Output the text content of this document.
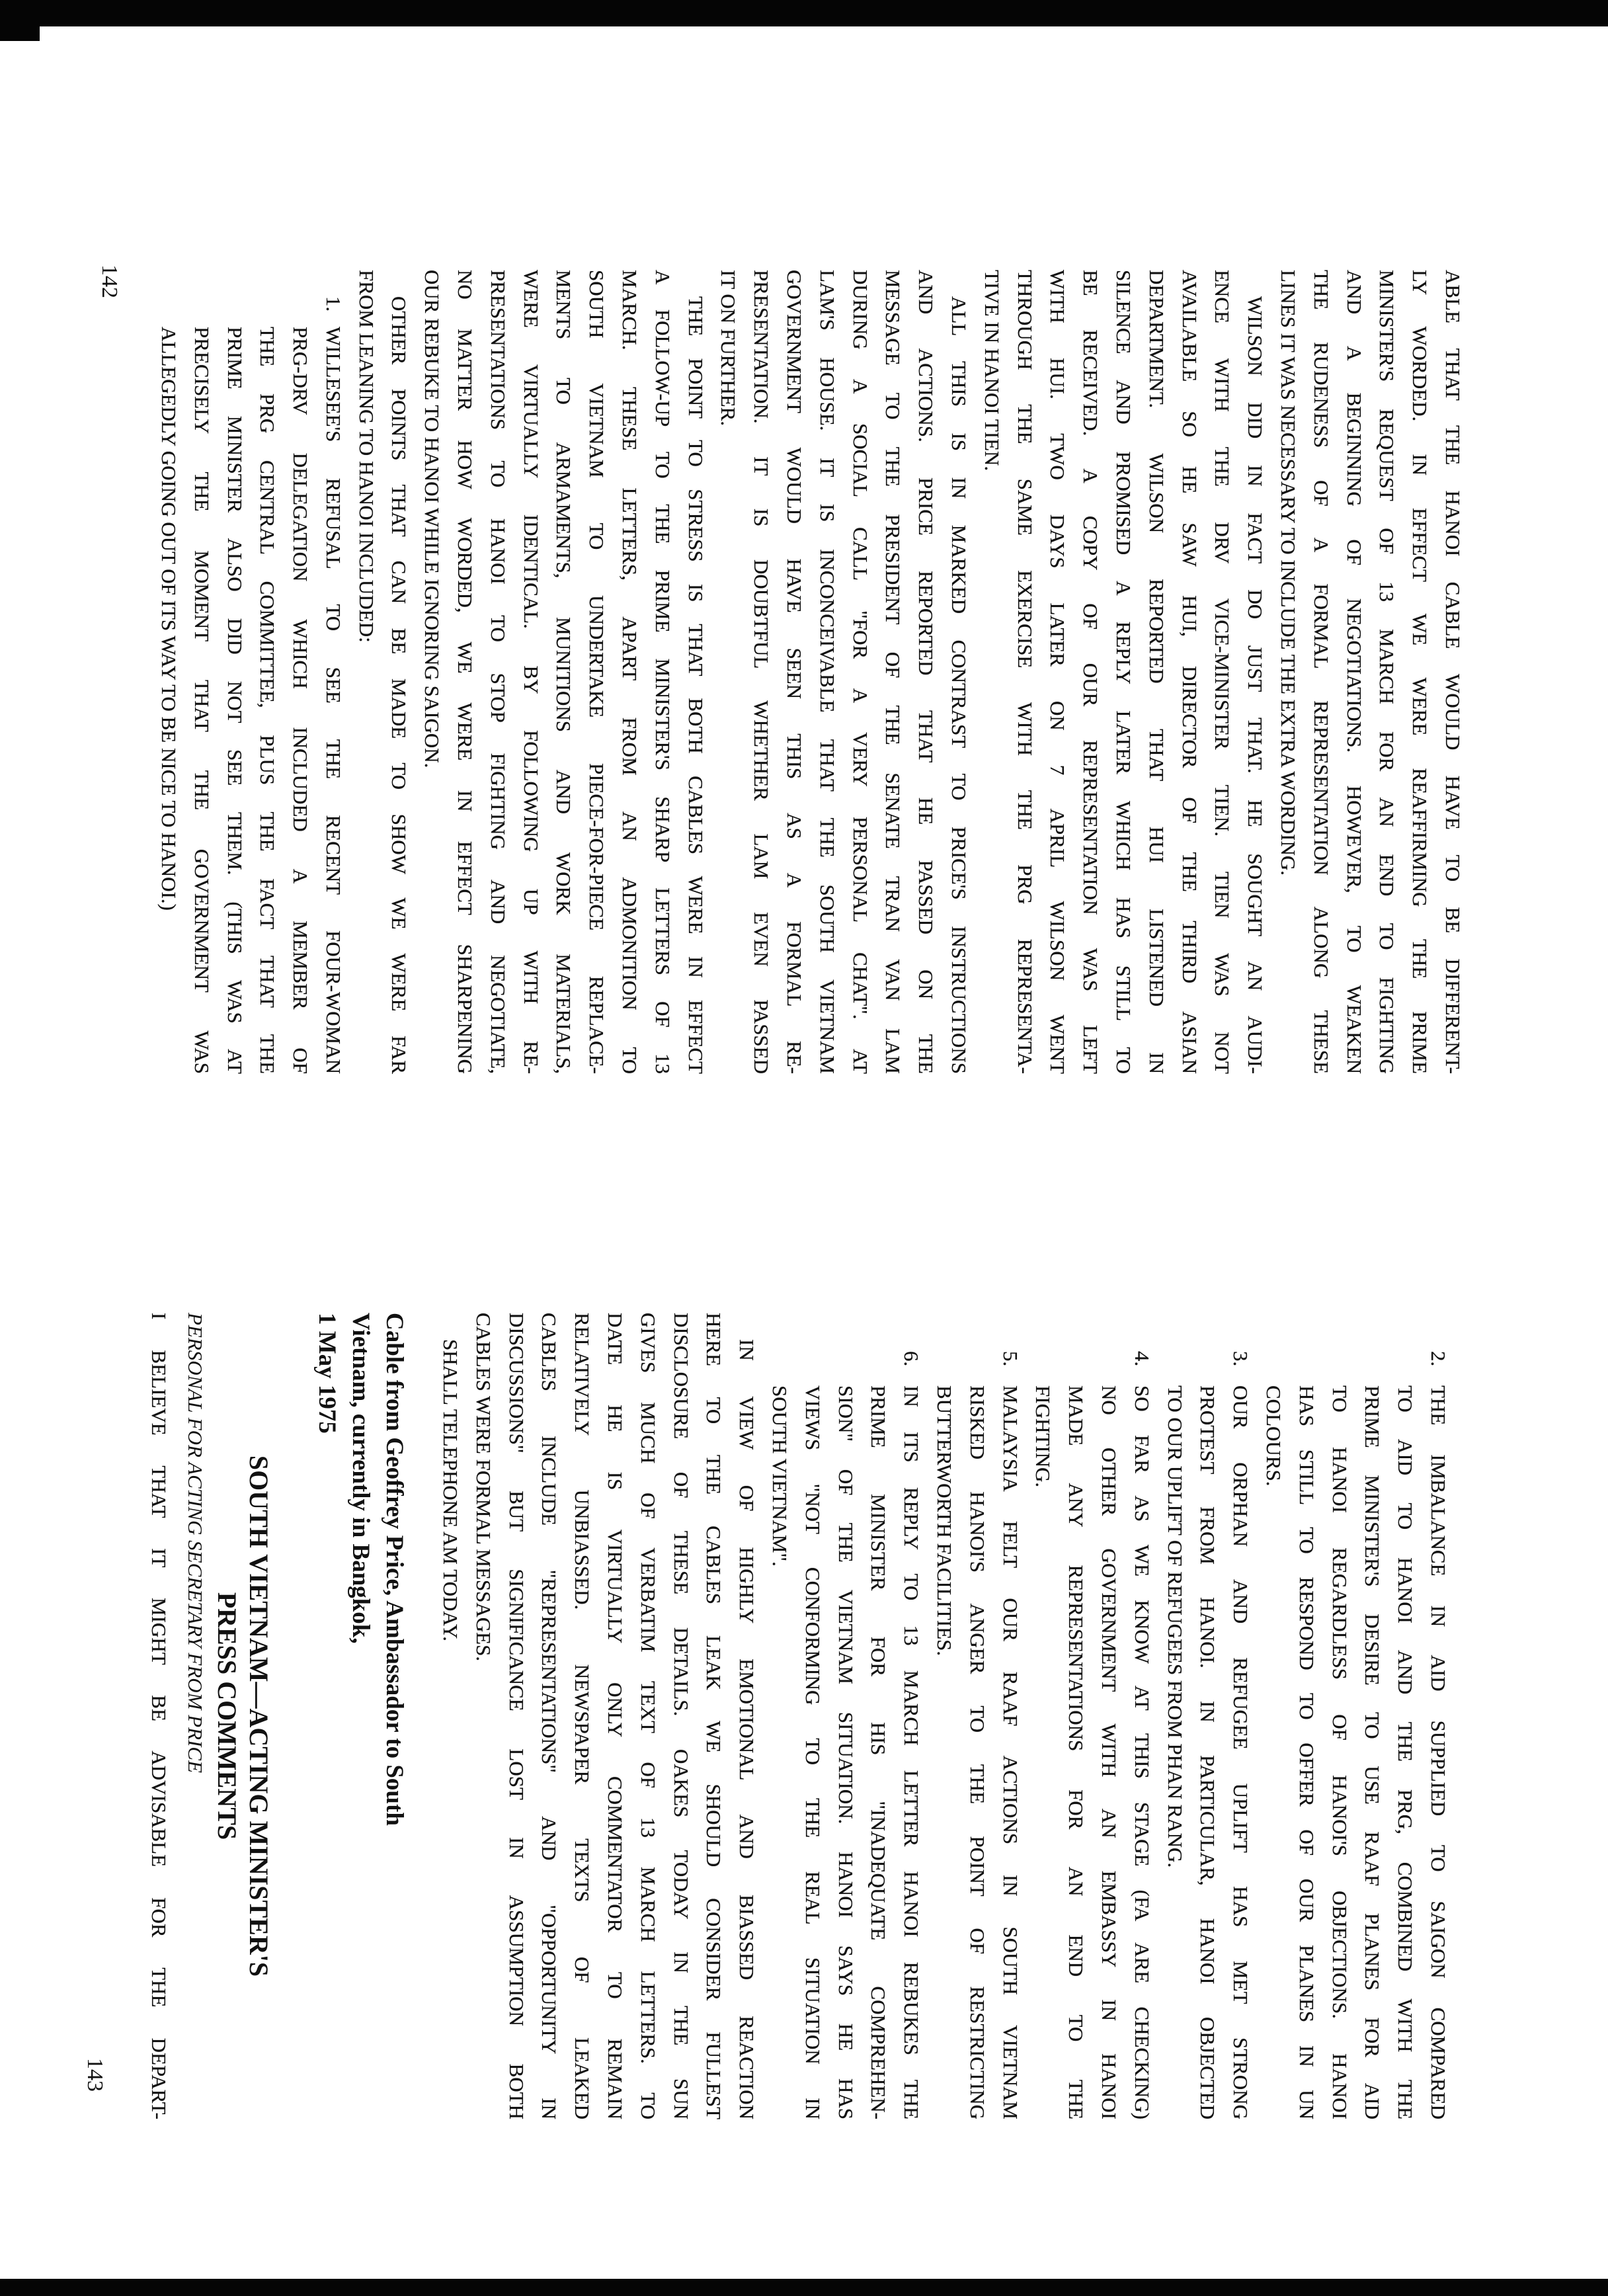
ABLE THAT THE HANOI CABLE WOULD HAVE TO BE DIFFERENT-
LY WORDED. IN EFFECT WE WERE REAFFIRMING THE PRIME
MINISTER'S REQUEST OF 13 MARCH FOR AN END TO FIGHTING
AND A BEGINNING OF NEGOTIATIONS. HOWEVER, TO WEAKEN
THE RUDENESS OF A FORMAL REPRESENTATION ALONG THESE
LINES IT WAS NECESSARY TO INCLUDE THE EXTRA WORDING.
WILSON DID IN FACT DO JUST THAT. HE SOUGHT AN AUDI-
ENCE WITH THE DRV VICE-MINISTER TIEN. TIEN WAS NOT
AVAILABLE SO HE SAW HUI, DIRECTOR OF THE THIRD ASIAN
DEPARTMENT. WILSON REPORTED THAT HUI LISTENED IN
SILENCE AND PROMISED A REPLY LATER WHICH HAS STILL TO
BE RECEIVED. A COPY OF OUR REPRESENTATION WAS LEFT
WITH HUI. TWO DAYS LATER ON 7 APRIL WILSON WENT
THROUGH THE SAME EXERCISE WITH THE PRG REPRESENTA-
TIVE IN HANOI TIEN.
ALL THIS IS IN MARKED CONTRAST TO PRICE'S INSTRUCTIONS
AND ACTIONS. PRICE REPORTED THAT HE PASSED ON THE
MESSAGE TO THE PRESIDENT OF THE SENATE TRAN VAN LAM
DURING A SOCIAL CALL "FOR A VERY PERSONAL CHAT". AT
LAM'S HOUSE. IT IS INCONCEIVABLE THAT THE SOUTH VIETNAM
GOVERNMENT WOULD HAVE SEEN THIS AS A FORMAL RE-
PRESENTATION. IT IS DOUBTFUL WHETHER LAM EVEN PASSED
IT ON FURTHER.
THE POINT TO STRESS IS THAT BOTH CABLES WERE IN EFFECT
A FOLLOW-UP TO THE PRIME MINISTER'S SHARP LETTERS OF 13
MARCH. THESE LETTERS, APART FROM AN ADMONITION TO
SOUTH VIETNAM TO UNDERTAKE PIECE-FOR-PIECE REPLACE-
MENTS TO ARMAMENTS, MUNITIONS AND WORK MATERIALS,
WERE VIRTUALLY IDENTICAL. BY FOLLOWING UP WITH RE-
PRESENTATIONS TO HANOI TO STOP FIGHTING AND NEGOTIATE,
NO MATTER HOW WORDED, WE WERE IN EFFECT SHARPENING
OUR REBUKE TO HANOI WHILE IGNORING SAIGON.
OTHER POINTS THAT CAN BE MADE TO SHOW WE WERE FAR
FROM LEANING TO HANOI INCLUDED:
1.
WILLESEE'S REFUSAL TO SEE THE RECENT FOUR-WOMAN
PRG-DRV DELEGATION WHICH INCLUDED A MEMBER OF
THE PRG CENTRAL COMMITTEE, PLUS THE FACT THAT THE
PRIME MINISTER ALSO DID NOT SEE THEM. (THIS WAS AT
PRECISELY THE MOMENT THAT THE GOVERNMENT WAS
ALLEGEDLY GOING OUT OF ITS WAY TO BE NICE TO HANOI.)
142
2.
THE IMBALANCE IN AID SUPPLIED TO SAIGON COMPARED
TO AID TO HANOI AND THE PRG, COMBINED WITH THE
PRIME MINISTER'S DESIRE TO USE RAAF PLANES FOR AID
TO HANOI REGARDLESS OF HANOI'S OBJECTIONS. HANOI
HAS STILL TO RESPOND TO OFFER OF OUR PLANES IN UN
COLOURS.
3.
OUR ORPHAN AND REFUGEE UPLIFT HAS MET STRONG
PROTEST FROM HANOI. IN PARTICULAR, HANOI OBJECTED
TO OUR UPLIFT OF REFUGEES FROM PHAN RANG.
4.
SO FAR AS WE KNOW AT THIS STAGE (FA ARE CHECKING)
NO OTHER GOVERNMENT WITH AN EMBASSY IN HANOI
MADE ANY REPRESENTATIONS FOR AN END TO THE
FIGHTING.
5.
MALAYSIA FELT OUR RAAF ACTIONS IN SOUTH VIETNAM
RISKED HANOI'S ANGER TO THE POINT OF RESTRICTING
BUTTERWORTH FACILITIES.
6.
IN ITS REPLY TO 13 MARCH LETTER HANOI REBUKES THE
PRIME MINISTER FOR HIS "INADEQUATE COMPREHEN-
SION" OF THE VIETNAM SITUATION. HANOI SAYS HE HAS
VIEWS "NOT CONFORMING TO THE REAL SITUATION IN
SOUTH VIETNAM".
IN VIEW OF HIGHLY EMOTIONAL AND BIASSED REACTION
HERE TO THE CABLES LEAK WE SHOULD CONSIDER FULLEST
DISCLOSURE OF THESE DETAILS. OAKES TODAY IN THE SUN
GIVES MUCH OF VERBATIM TEXT OF 13 MARCH LETTERS. TO
DATE HE IS VIRTUALLY ONLY COMMENTATOR TO REMAIN
RELATIVELY UNBIASSED. NEWSPAPER TEXTS OF LEAKED
CABLES INCLUDE "REPRESENTATIONS" AND "OPPORTUNITY IN
DISCUSSIONS" BUT SIGNIFICANCE LOST IN ASSUMPTION BOTH
CABLES WERE FORMAL MESSAGES.
SHALL TELEPHONE AM TODAY.
Cable from Geoffrey Price, Ambassador to South
Vietnam, currently in Bangkok,
1 May 1975
SOUTH VIETNAM—ACTING MINISTER'S
PRESS COMMENTS
PERSONAL FOR ACTING SECRETARY FROM PRICE
I BELIEVE THAT IT MIGHT BE ADVISABLE FOR THE DEPART-
143
